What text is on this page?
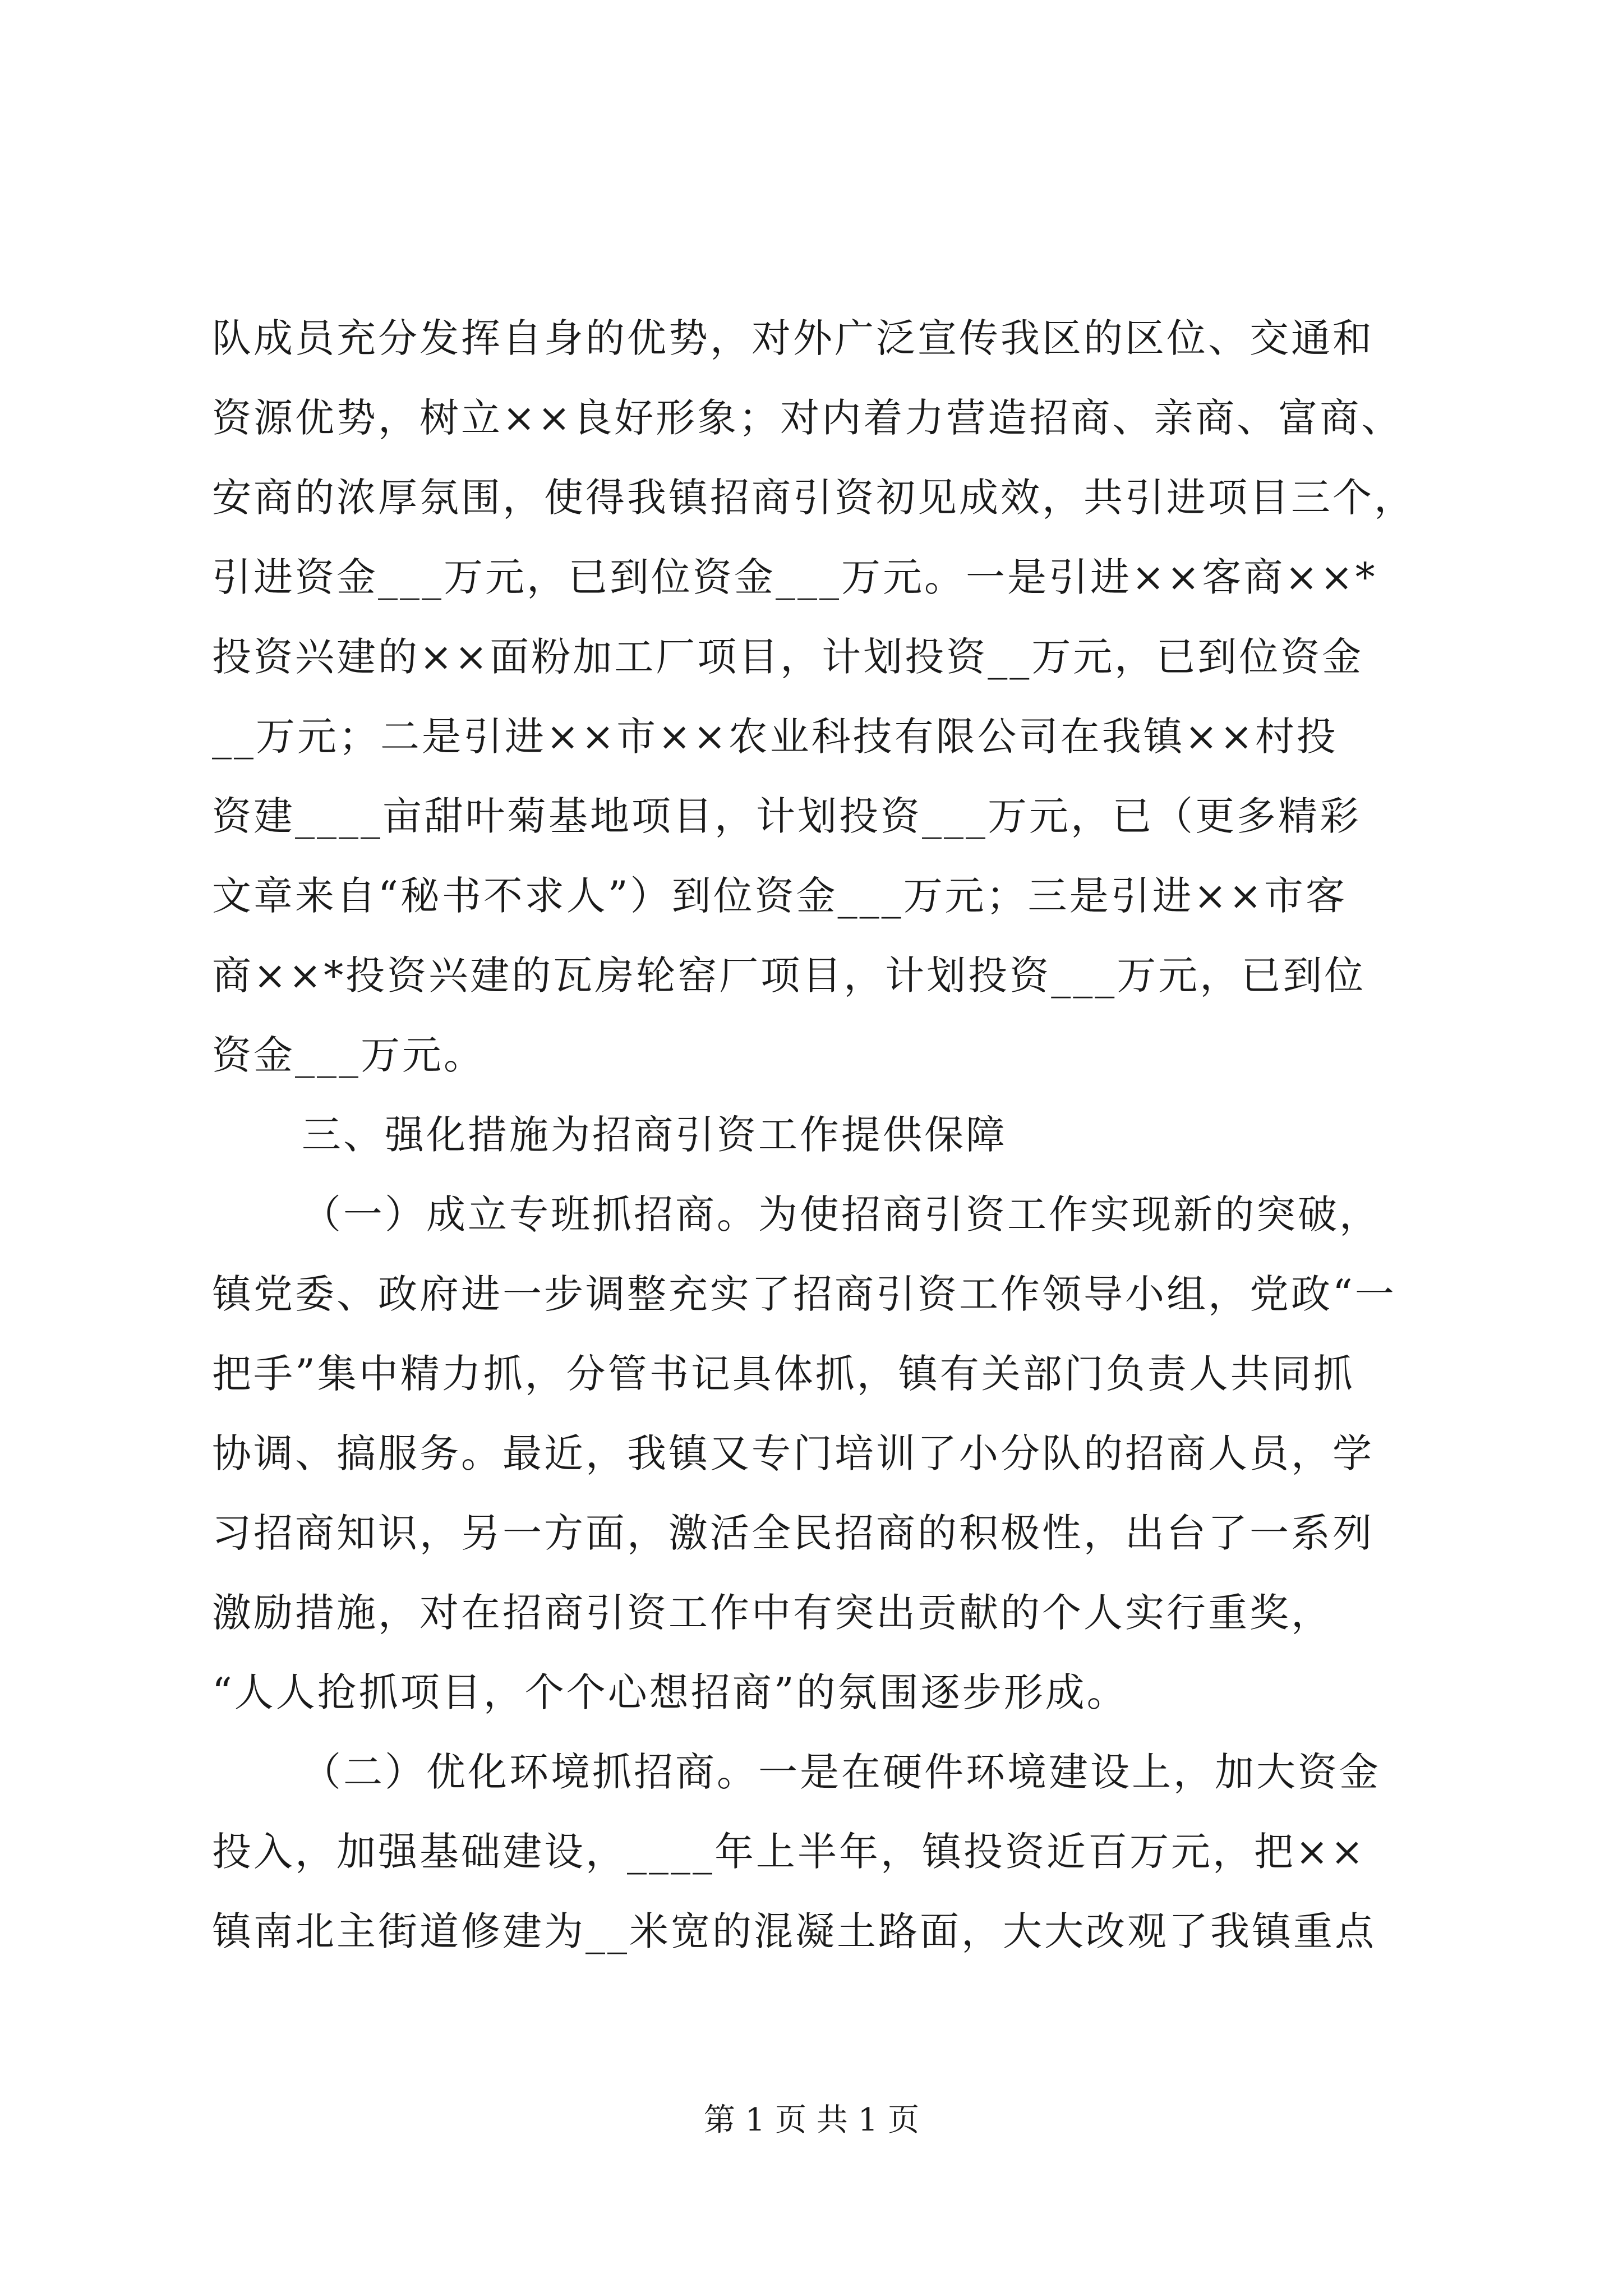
队成员充分发挥自身的优势，对外广泛宣传我区的区位、交通和
资源优势，树立××良好形象；对内着力营造招商、亲商、富商、
安商的浓厚氛围，使得我镇招商引资初见成效，共引进项目三个，
引进资金___万元，已到位资金___万元。一是引进××客商××*
投资兴建的××面粉加工厂项目，计划投资__万元，已到位资金
__万元；二是引进××市××农业科技有限公司在我镇××村投
资建____亩甜叶菊基地项目，计划投资___万元，已（更多精彩
文章来自“秘书不求人”）到位资金___万元；三是引进××市客
商××*投资兴建的瓦房轮窑厂项目，计划投资___万元，已到位
资金___万元。
三、强化措施为招商引资工作提供保障
（一）成立专班抓招商。为使招商引资工作实现新的突破，
镇党委、政府进一步调整充实了招商引资工作领导小组，党政“一
把手”集中精力抓，分管书记具体抓，镇有关部门负责人共同抓
协调、搞服务。最近，我镇又专门培训了小分队的招商人员，学
习招商知识，另一方面，激活全民招商的积极性，出台了一系列
激励措施，对在招商引资工作中有突出贡献的个人实行重奖，
“人人抢抓项目，个个心想招商”的氛围逐步形成。
（二）优化环境抓招商。一是在硬件环境建设上，加大资金
投入，加强基础建设，____年上半年，镇投资近百万元，把××
镇南北主街道修建为__米宽的混凝土路面，大大改观了我镇重点
第 1 页 共 1 页
